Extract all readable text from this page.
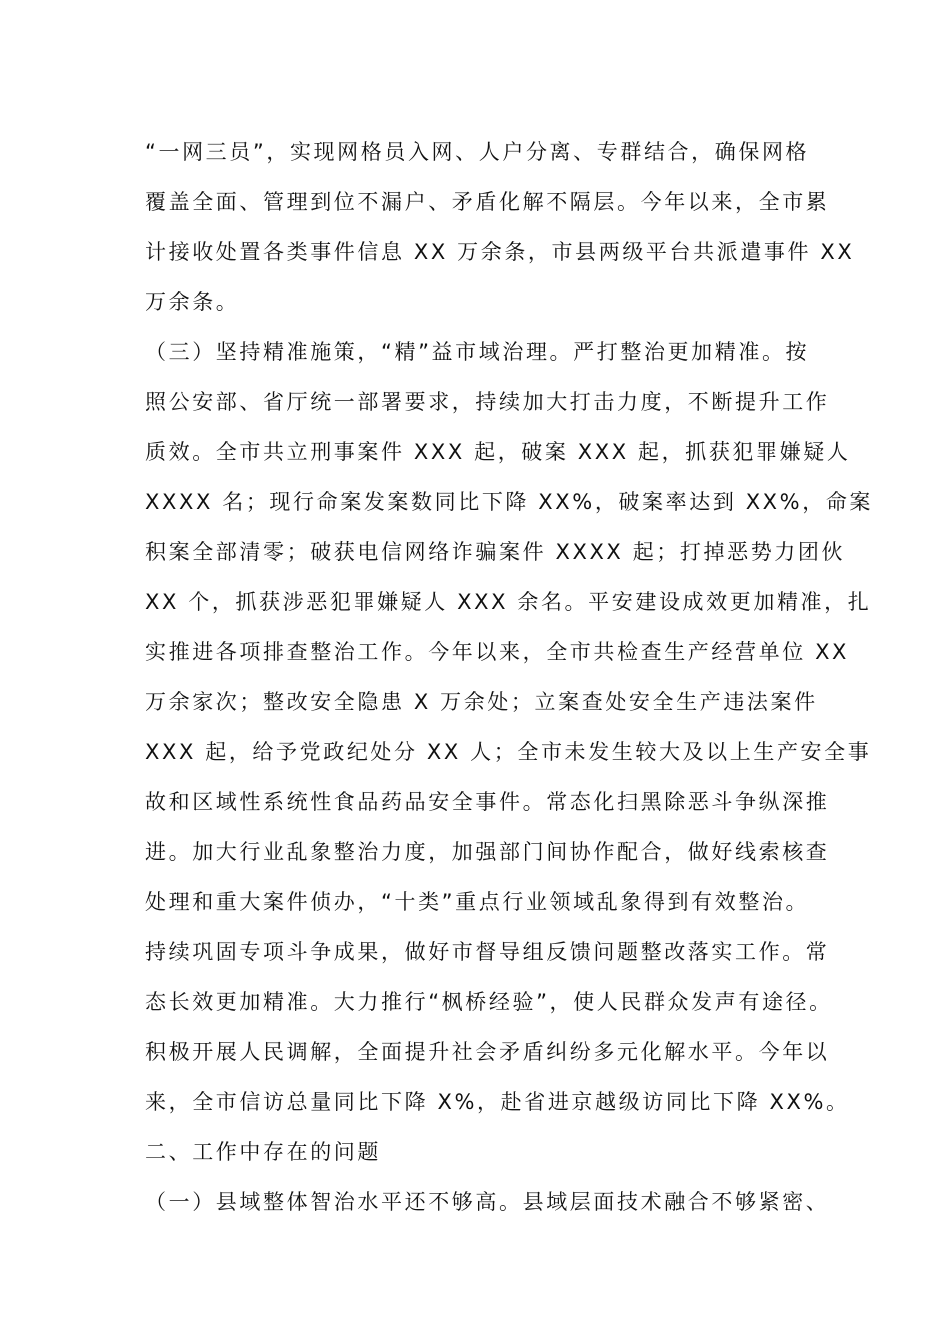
“一网三员”，实现网格员入网、人户分离、专群结合，确保网格
覆盖全面、管理到位不漏户、矛盾化解不隔层。今年以来，全市累
计接收处置各类事件信息 XX 万余条，市县两级平台共派遣事件 XX
万余条。
（三）坚持精准施策，“精”益市域治理。严打整治更加精准。按
照公安部、省厅统一部署要求，持续加大打击力度，不断提升工作
质效。全市共立刑事案件 XXX 起，破案 XXX 起，抓获犯罪嫌疑人
XXXX 名；现行命案发案数同比下降 XX%，破案率达到 XX%，命案
积案全部清零；破获电信网络诈骗案件 XXXX 起；打掉恶势力团伙
XX 个，抓获涉恶犯罪嫌疑人 XXX 余名。平安建设成效更加精准，扎
实推进各项排查整治工作。今年以来，全市共检查生产经营单位 XX
万余家次；整改安全隐患 X 万余处；立案查处安全生产违法案件
XXX 起，给予党政纪处分 XX 人；全市未发生较大及以上生产安全事
故和区域性系统性食品药品安全事件。常态化扫黑除恶斗争纵深推
进。加大行业乱象整治力度，加强部门间协作配合，做好线索核查
处理和重大案件侦办，“十类”重点行业领域乱象得到有效整治。
持续巩固专项斗争成果，做好市督导组反馈问题整改落实工作。常
态长效更加精准。大力推行“枫桥经验”，使人民群众发声有途径。
积极开展人民调解，全面提升社会矛盾纠纷多元化解水平。今年以
来，全市信访总量同比下降 X%，赴省进京越级访同比下降 XX%。
二、工作中存在的问题
（一）县域整体智治水平还不够高。县域层面技术融合不够紧密、
